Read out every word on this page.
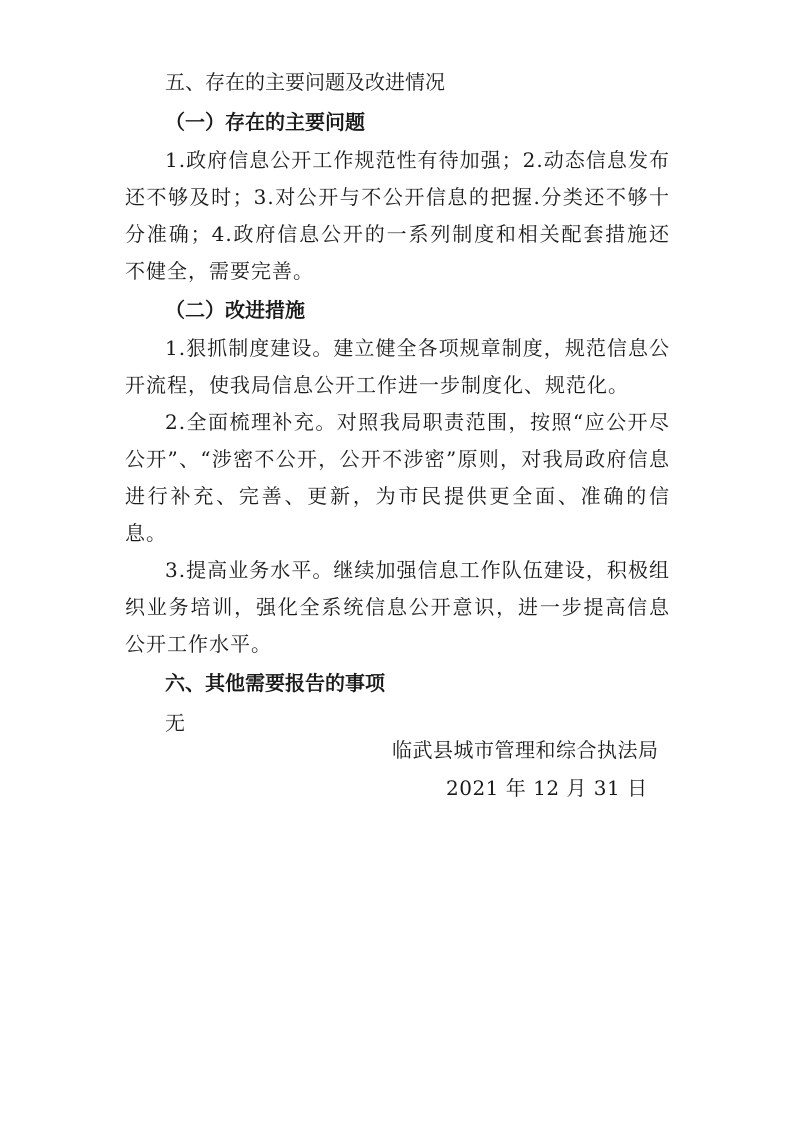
五、存在的主要问题及改进情况

（一）存在的主要问题

1.政府信息公开工作规范性有待加强；2.动态信息发布还不够及时；3.对公开与不公开信息的把握.分类还不够十分准确；4.政府信息公开的一系列制度和相关配套措施还不健全，需要完善。

（二）改进措施

1.狠抓制度建设。建立健全各项规章制度，规范信息公开流程，使我局信息公开工作进一步制度化、规范化。

2.全面梳理补充。对照我局职责范围，按照“应公开尽公开”、“涉密不公开，公开不涉密”原则，对我局政府信息进行补充、完善、更新，为市民提供更全面、准确的信息。

3.提高业务水平。继续加强信息工作队伍建设，积极组织业务培训，强化全系统信息公开意识，进一步提高信息公开工作水平。

六、其他需要报告的事项

无

临武县城市管理和综合执法局
2021 年 12 月 31 日
